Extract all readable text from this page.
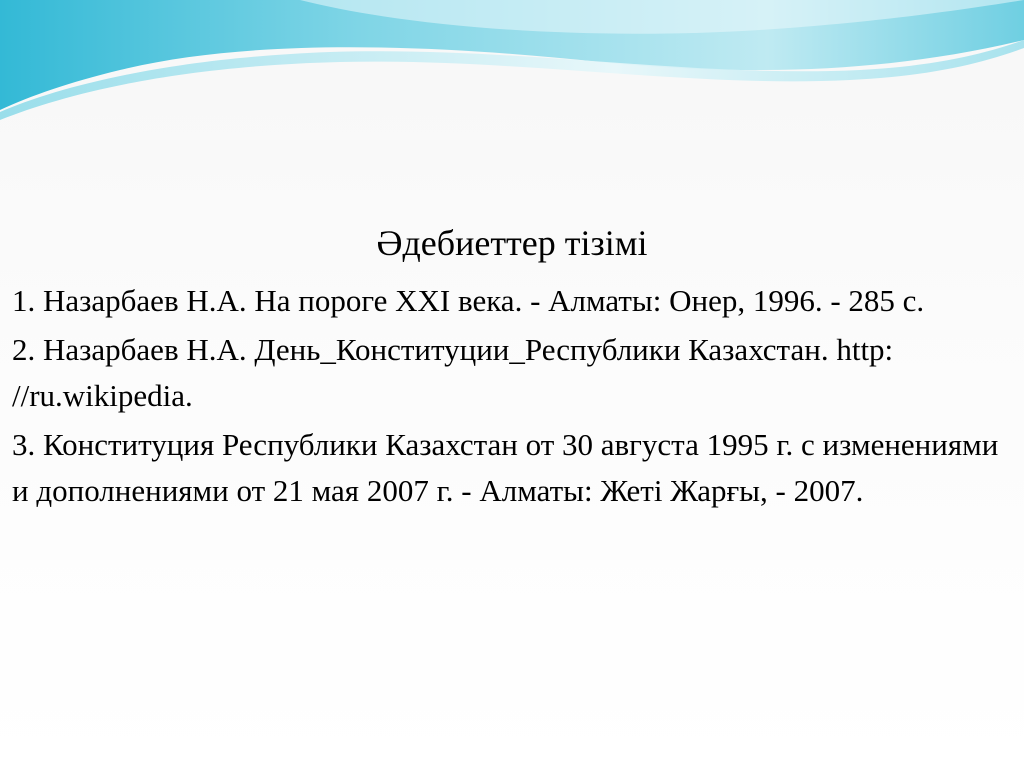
Әдебиеттер тізімі
1. Назарбаев Н.А. На пороге XXI века. - Алматы: Онер, 1996. - 285 с.
2. Назарбаев Н.А. День_Конституции_Республики Казахстан. http: //ru.wikipedia.
3. Конституция Республики Казахстан от 30 августа 1995 г. с изменениями и дополнениями от 21 мая 2007 г. - Алматы: Жеті Жарғы, - 2007.
